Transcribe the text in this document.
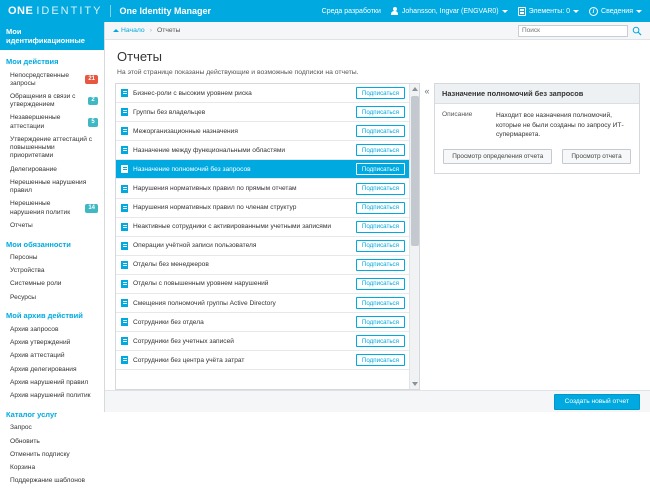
ONE IDENTITY One Identity Manager	Среда разработки	Johansson, Ingvar (ENGVAR0)	Элементы: 0	i Сведения
Мои идентификационные
Мои действия
Непосредственные запросы
21
Обращения в связи с утверждением
2
Незавершенные аттестации
5
Утверждение аттестаций с повышенными приоритетами
Делегирование
Нерешенные нарушения правил
Нерешенные нарушения политик
14
Отчеты
Мои обязанности
Персоны
Устройства
Системные роли
Ресурсы
Мой архив действий
Архив запросов
Архив утверждений
Архив аттестаций
Архив делегирования
Архив нарушений правил
Архив нарушений политик
Каталог услуг
Запрос
Обновить
Отменить подписку
Корзина
Поддержание шаблонов
Начало › Отчеты
Поиск
Отчеты
На этой странице показаны действующие и возможные подписки на отчеты.
Бизнес-роли с высоким уровнем риска	Подписаться
Группы без владельцев	Подписаться
Межорганизационные назначения	Подписаться
Назначение между функциональными областями	Подписаться
Назначение полномочий без запросов	Подписаться
Нарушения нормативных правил по прямым отчетам	Подписаться
Нарушения нормативных правил по членам структур	Подписаться
Неактивные сотрудники с активированными учетными записями	Подписаться
Операции учётной записи пользователя	Подписаться
Отделы без менеджеров	Подписаться
Отделы с повышенным уровнем нарушений	Подписаться
Смещения полномочий группы Active Directory	Подписаться
Сотрудники без отдела	Подписаться
Сотрудники без учетных записей	Подписаться
Сотрудники без центра учёта затрат	Подписаться
«	Назначение полномочий без запросов
Описание	Находит все назначения полномочий, которые не были созданы по запросу ИТ-супермаркета.
Просмотр определения отчета	Просмотр отчета
Создать новый отчет
